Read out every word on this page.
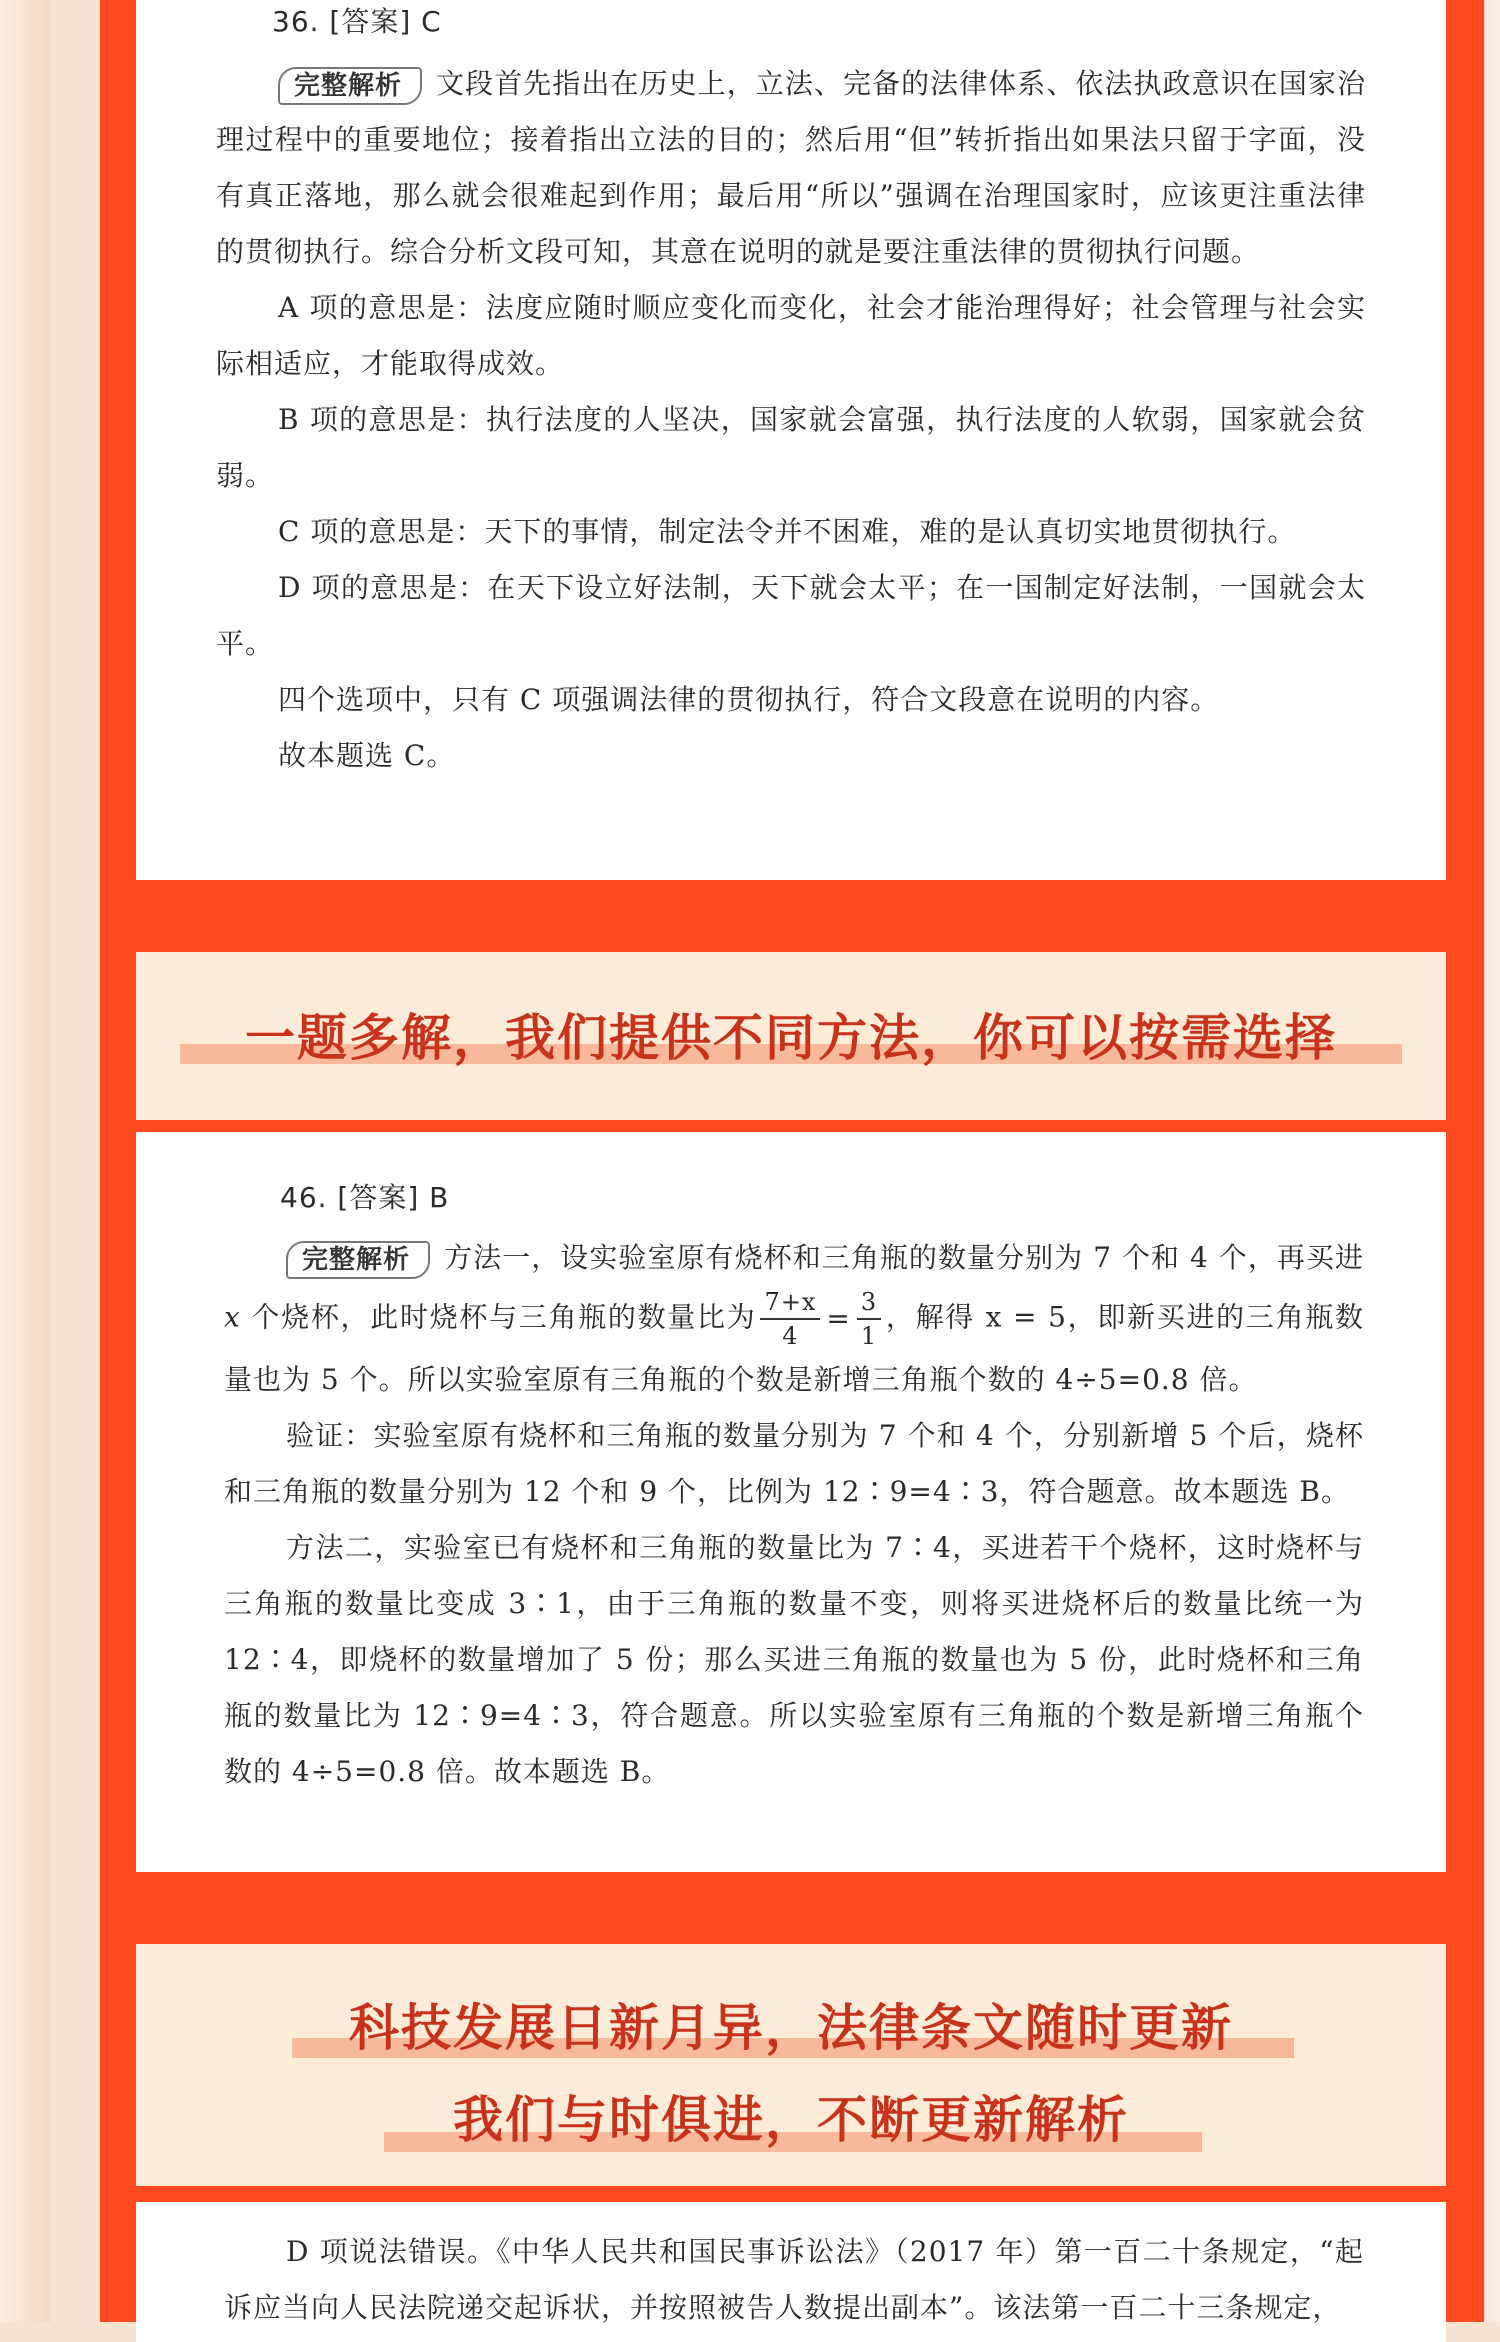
36. [答案] C

完整解析 文段首先指出在历史上，立法、完备的法律体系、依法执政意识在国家治理过程中的重要地位；接着指出立法的目的；然后用“但”转折指出如果法只留于字面，没有真正落地，那么就会很难起到作用；最后用“所以”强调在治理国家时，应该更注重法律的贯彻执行。综合分析文段可知，其意在说明的就是要注重法律的贯彻执行问题。

A 项的意思是：法度应随时顺应变化而变化，社会才能治理得好；社会管理与社会实际相适应，才能取得成效。

B 项的意思是：执行法度的人坚决，国家就会富强，执行法度的人软弱，国家就会贫弱。

C 项的意思是：天下的事情，制定法令并不困难，难的是认真切实地贯彻执行。

D 项的意思是：在天下设立好法制，天下就会太平；在一国制定好法制，一国就会太平。

四个选项中，只有 C 项强调法律的贯彻执行，符合文段意在说明的内容。

故本题选 C。

一题多解，我们提供不同方法，你可以按需选择

46. [答案] B

完整解析 方法一，设实验室原有烧杯和三角瓶的数量分别为 7 个和 4 个，再买进x 个烧杯，此时烧杯与三角瓶的数量比为 $\frac{7+x}{4} = \frac{3}{1}$ ，解得 x = 5，即新买进的三角瓶数量也为 5 个。所以实验室原有三角瓶的个数是新增三角瓶个数的 4÷5=0.8 倍。

验证：实验室原有烧杯和三角瓶的数量分别为 7 个和 4 个，分别新增 5 个后，烧杯和三角瓶的数量分别为 12 个和 9 个，比例为 12∶9=4∶3，符合题意。故本题选 B。

方法二，实验室已有烧杯和三角瓶的数量比为 7∶4，买进若干个烧杯，这时烧杯与三角瓶的数量比变成 3∶1，由于三角瓶的数量不变，则将买进烧杯后的数量比统一为 12∶4，即烧杯的数量增加了 5 份；那么买进三角瓶的数量也为 5 份，此时烧杯和三角瓶的数量比为 12∶9=4∶3，符合题意。所以实验室原有三角瓶的个数是新增三角瓶个数的 4÷5=0.8 倍。故本题选 B。

科技发展日新月异，法律条文随时更新
我们与时俱进，不断更新解析

D 项说法错误。《中华人民共和国民事诉讼法》（2017 年）第一百二十条规定，“起诉应当向人民法院递交起诉状，并按照被告人数提出副本”。该法第一百二十三条规定，
